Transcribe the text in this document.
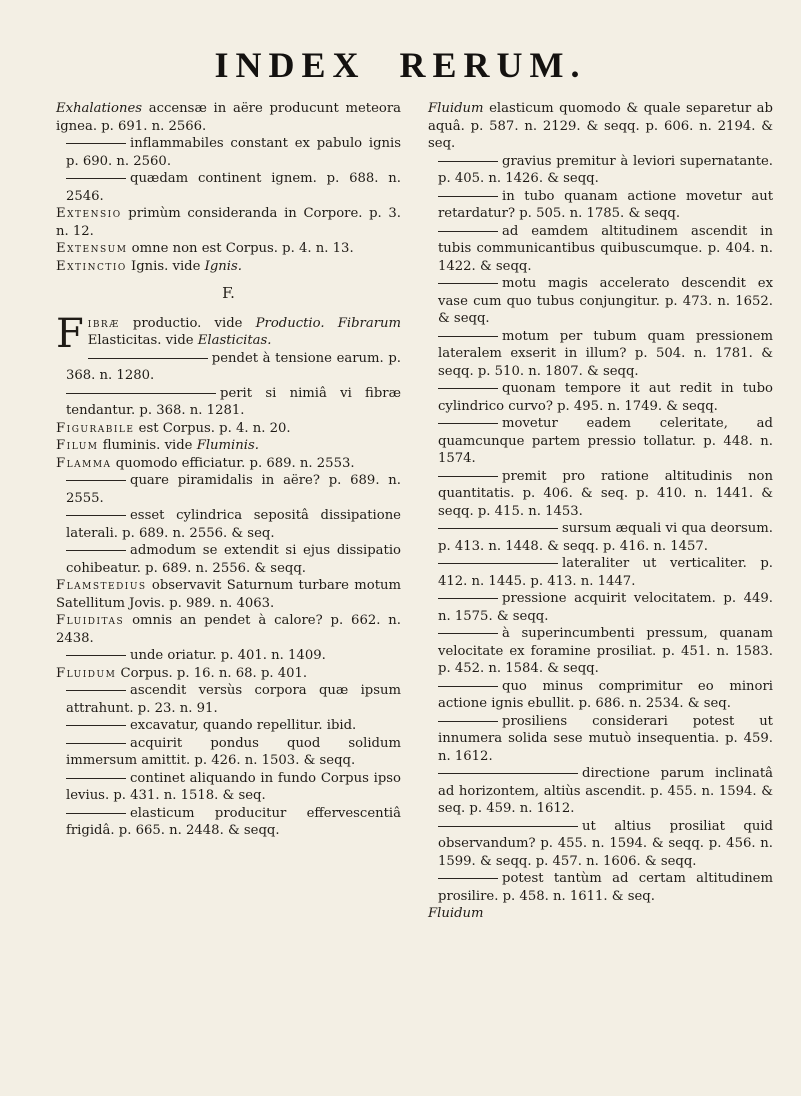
INDEX RERUM.

Exhalationes accensæ in aëre producunt meteora ignea. p. 691. n. 2566.

inflammabiles constant ex pabulo ignis p. 690. n. 2560.

quædam continent ignem. p. 688. n. 2546.

Extensio primùm consideranda in Corpore. p. 3. n. 12.

Extensum omne non est Corpus. p. 4. n. 13.

Extinctio Ignis. vide Ignis.

F.

Fibræ productio. vide Productio. Fibrarum Elasticitas. vide Elasticitas.

pendet à tensione earum. p. 368. n. 1280.

perit si nimiâ vi fibræ tendantur. p. 368. n. 1281.

Figurabile est Corpus. p. 4. n. 20.

Filum fluminis. vide Fluminis.

Flamma quomodo efficiatur. p. 689. n. 2553.

quare piramidalis in aëre? p. 689. n. 2555.

esset cylindrica sepositâ dissipatione laterali. p. 689. n. 2556. & seq.

admodum se extendit si ejus dissipatio cohibeatur. p. 689. n. 2556. & seqq.

Flamstedius observavit Saturnum turbare motum Satellitum Jovis. p. 989. n. 4063.

Fluiditas omnis an pendet à calore? p. 662. n. 2438.

unde oriatur. p. 401. n. 1409.

Fluidum Corpus. p. 16. n. 68. p. 401.

ascendit versùs corpora quæ ipsum attrahunt. p. 23. n. 91.

excavatur, quando repellitur. ibid.

acquirit pondus quod solidum immersum amittit. p. 426. n. 1503. & seqq.

continet aliquando in fundo Corpus ipso levius. p. 431. n. 1518. & seq.

elasticum producitur effervescentiâ frigidâ. p. 665. n. 2448. & seqq.

Fluidum elasticum quomodo & quale separetur ab aquâ. p. 587. n. 2129. & seqq. p. 606. n. 2194. & seq.

gravius premitur à leviori supernatante. p. 405. n. 1426. & seqq.

in tubo quanam actione movetur aut retardatur? p. 505. n. 1785. & seqq.

ad eamdem altitudinem ascendit in tubis communicantibus quibuscumque. p. 404. n. 1422. & seqq.

motu magis accelerato descendit ex vase cum quo tubus conjungitur. p. 473. n. 1652. & seqq.

motum per tubum quam pressionem lateralem exserit in illum? p. 504. n. 1781. & seqq. p. 510. n. 1807. & seqq.

quonam tempore it aut redit in tubo cylindrico curvo? p. 495. n. 1749. & seqq.

movetur eadem celeritate, ad quamcunque partem pressio tollatur. p. 448. n. 1574.

premit pro ratione altitudinis non quantitatis. p. 406. & seq. p. 410. n. 1441. & seqq. p. 415. n. 1453.

sursum æquali vi qua deorsum. p. 413. n. 1448. & seqq. p. 416. n. 1457.

lateraliter ut verticaliter. p. 412. n. 1445. p. 413. n. 1447.

pressione acquirit velocitatem. p. 449. n. 1575. & seqq.

à superincumbenti pressum, quanam velocitate ex foramine prosiliat. p. 451. n. 1583. p. 452. n. 1584. & seqq.

quo minus comprimitur eo minori actione ignis ebullit. p. 686. n. 2534. & seq.

prosiliens considerari potest ut innumera solida sese mutuò insequentia. p. 459. n. 1612.

directione parum inclinatâ ad horizontem, altiùs ascendit. p. 455. n. 1594. & seq. p. 459. n. 1612.

ut altius prosiliat quid observandum? p. 455. n. 1594. & seqq. p. 456. n. 1599. & seqq. p. 457. n. 1606. & seqq.

potest tantùm ad certam altitudinem prosilire. p. 458. n. 1611. & seq.

Fluidum
